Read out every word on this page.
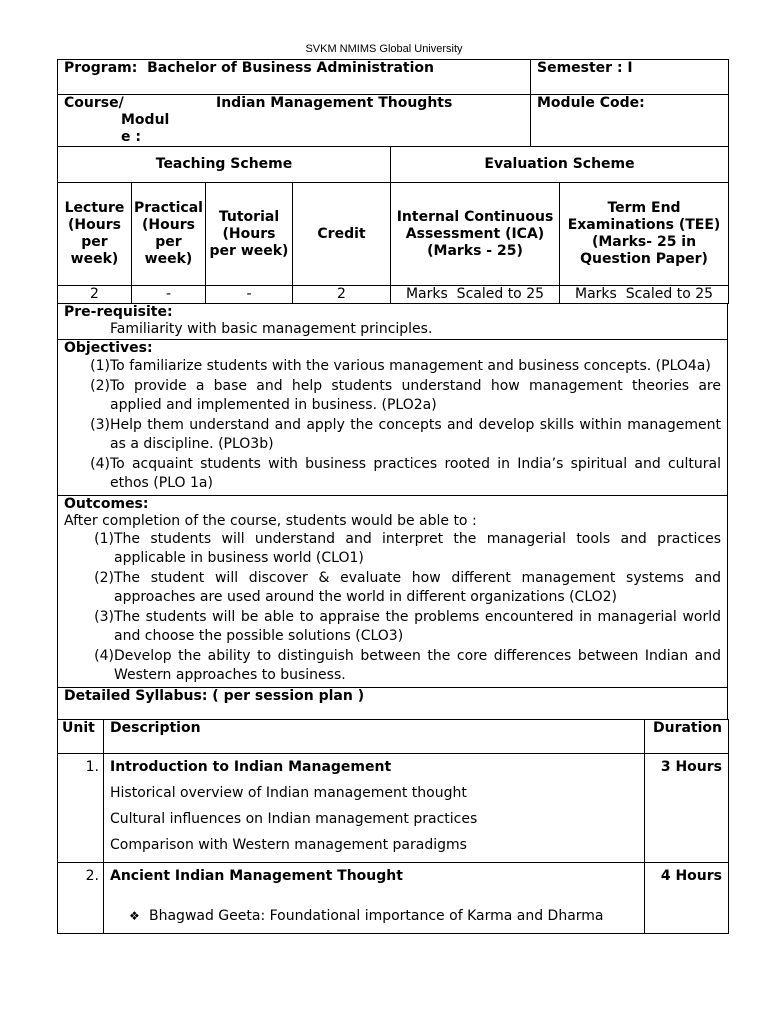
SVKM NMIMS Global University
Program: Bachelor of Business Administration	Semester : I

Course/
Modul
e :
Indian Management Thoughts	Module Code:
Teaching Scheme				Evaluation Scheme	
Lecture (Hours per week)	Practical (Hours per week)	Tutorial (Hours per week)	Credit	Internal Continuous Assessment (ICA) (Marks - 25)	Term End Examinations (TEE) (Marks- 25 in Question Paper)
2	-	-	2	Marks  Scaled to 25	Marks  Scaled to 25
Pre-requisite:
Familiarity with basic management principles.

Objectives:
(1) To familiarize students with the various management and business concepts. (PLO4a)
(2) To provide a base and help students understand how management theories are applied and implemented in business. (PLO2a)
(3) Help them understand and apply the concepts and develop skills within management as a discipline. (PLO3b)
(4) To acquaint students with business practices rooted in India’s spiritual and cultural ethos (PLO 1a)

Outcomes:
After completion of the course, students would be able to :
(1) The students will understand and interpret the managerial tools and practices applicable in business world (CLO1)
(2) The student will discover & evaluate how different management systems and approaches are used around the world in different organizations (CLO2)
(3) The students will be able to appraise the problems encountered in managerial world and choose the possible solutions (CLO3)
(4) Develop the ability to distinguish between the core differences between Indian and Western approaches to business.

Detailed Syllabus: ( per session plan )
Unit	Description	Duration
1.	Introduction to Indian Management
Historical overview of Indian management thought
Cultural influences on Indian management practices
Comparison with Western management paradigms	3 Hours
2.	Ancient Indian Management Thought
❖ Bhagwad Geeta: Foundational importance of Karma and Dharma	4 Hours
